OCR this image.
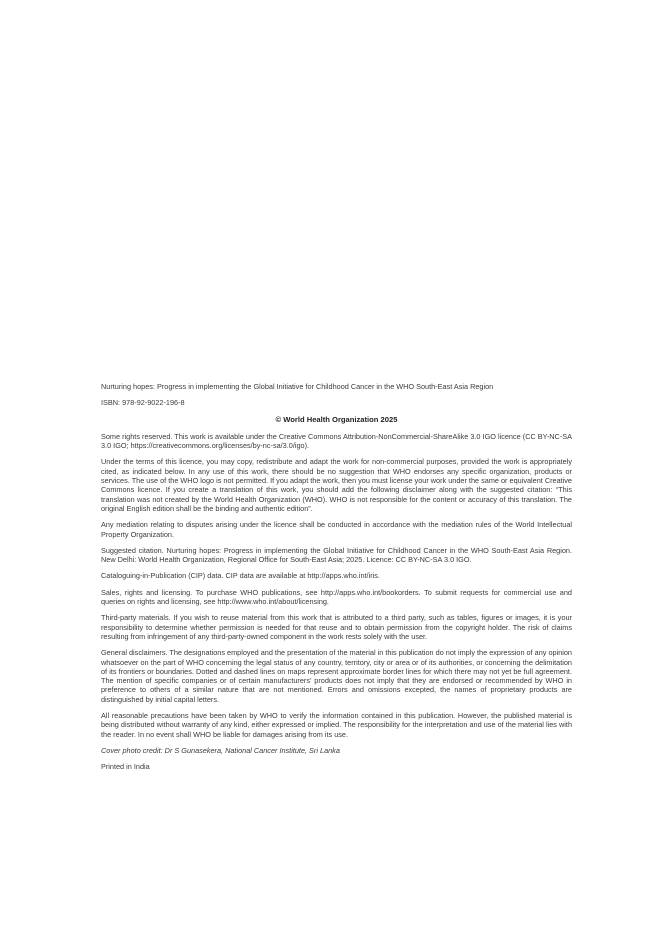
Nurturing hopes: Progress in implementing the Global Initiative for Childhood Cancer in the WHO South-East Asia Region

ISBN: 978-92-9022-196-8

© World Health Organization 2025

Some rights reserved. This work is available under the Creative Commons Attribution-NonCommercial-ShareAlike 3.0 IGO licence (CC BY-NC-SA 3.0 IGO; https://creativecommons.org/licenses/by-nc-sa/3.0/igo).

Under the terms of this licence, you may copy, redistribute and adapt the work for non-commercial purposes, provided the work is appropriately cited, as indicated below. In any use of this work, there should be no suggestion that WHO endorses any specific organization, products or services. The use of the WHO logo is not permitted. If you adapt the work, then you must license your work under the same or equivalent Creative Commons licence. If you create a translation of this work, you should add the following disclaimer along with the suggested citation: “This translation was not created by the World Health Organization (WHO). WHO is not responsible for the content or accuracy of this translation. The original English edition shall be the binding and authentic edition”.

Any mediation relating to disputes arising under the licence shall be conducted in accordance with the mediation rules of the World Intellectual Property Organization.

Suggested citation. Nurturing hopes: Progress in implementing the Global Initiative for Childhood Cancer in the WHO South-East Asia Region. New Delhi: World Health Organization, Regional Office for South-East Asia; 2025. Licence: CC BY-NC-SA 3.0 IGO.

Cataloguing-in-Publication (CIP) data. CIP data are available at http://apps.who.int/iris.

Sales, rights and licensing. To purchase WHO publications, see http://apps.who.int/bookorders. To submit requests for commercial use and queries on rights and licensing, see http://www.who.int/about/licensing.

Third-party materials. If you wish to reuse material from this work that is attributed to a third party, such as tables, figures or images, it is your responsibility to determine whether permission is needed for that reuse and to obtain permission from the copyright holder. The risk of claims resulting from infringement of any third-party-owned component in the work rests solely with the user.

General disclaimers. The designations employed and the presentation of the material in this publication do not imply the expression of any opinion whatsoever on the part of WHO concerning the legal status of any country, territory, city or area or of its authorities, or concerning the delimitation of its frontiers or boundaries. Dotted and dashed lines on maps represent approximate border lines for which there may not yet be full agreement. The mention of specific companies or of certain manufacturers’ products does not imply that they are endorsed or recommended by WHO in preference to others of a similar nature that are not mentioned. Errors and omissions excepted, the names of proprietary products are distinguished by initial capital letters.

All reasonable precautions have been taken by WHO to verify the information contained in this publication. However, the published material is being distributed without warranty of any kind, either expressed or implied. The responsibility for the interpretation and use of the material lies with the reader. In no event shall WHO be liable for damages arising from its use.

Cover photo credit: Dr S Gunasekera, National Cancer Institute, Sri Lanka

Printed in India
